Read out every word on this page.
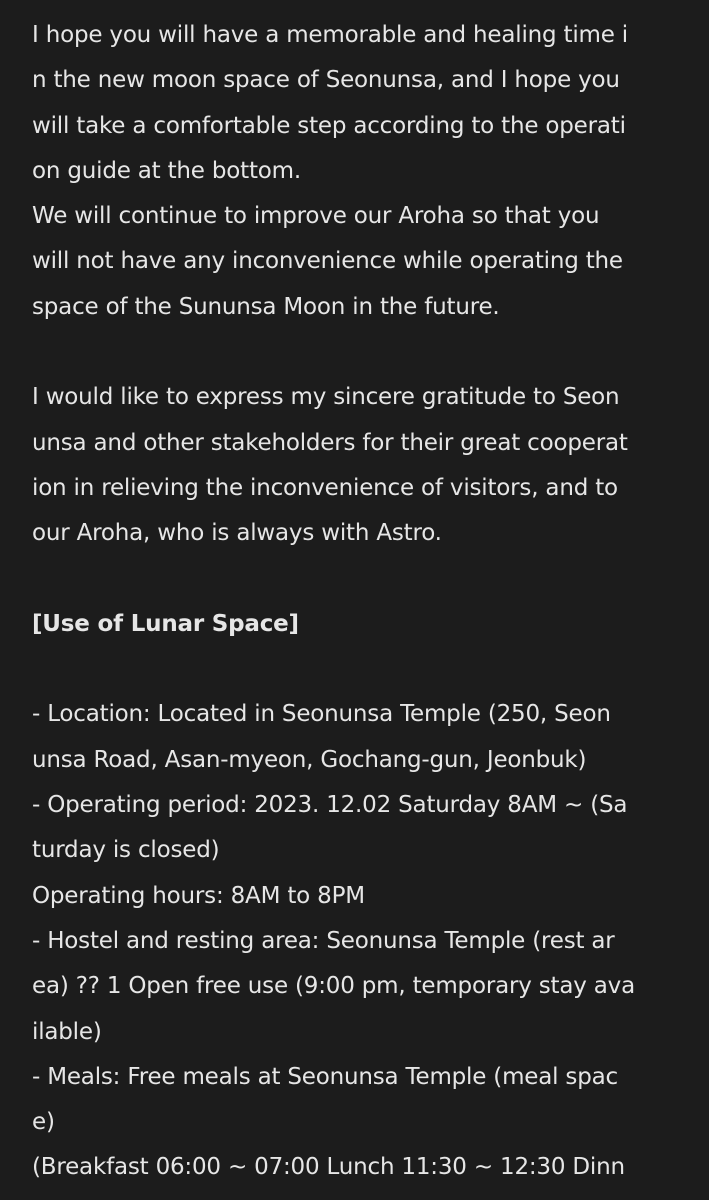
I hope you will have a memorable and healing time i
n the new moon space of Seonunsa, and I hope you
will take a comfortable step according to the operati
on guide at the bottom.
We will continue to improve our Aroha so that you
will not have any inconvenience while operating the
space of the Sununsa Moon in the future.
I would like to express my sincere gratitude to Seon
unsa and other stakeholders for their great cooperat
ion in relieving the inconvenience of visitors, and to
our Aroha, who is always with Astro.
[Use of Lunar Space]
- Location: Located in Seonunsa Temple (250, Seon
unsa Road, Asan-myeon, Gochang-gun, Jeonbuk)
- Operating period: 2023. 12.02 Saturday 8AM ~ (Sa
turday is closed)
Operating hours: 8AM to 8PM
- Hostel and resting area: Seonunsa Temple (rest ar
ea) ?? 1 Open free use (9:00 pm, temporary stay ava
ilable)
- Meals: Free meals at Seonunsa Temple (meal spac
e)
(Breakfast 06:00 ~ 07:00 Lunch 11:30 ~ 12:30 Dinn
